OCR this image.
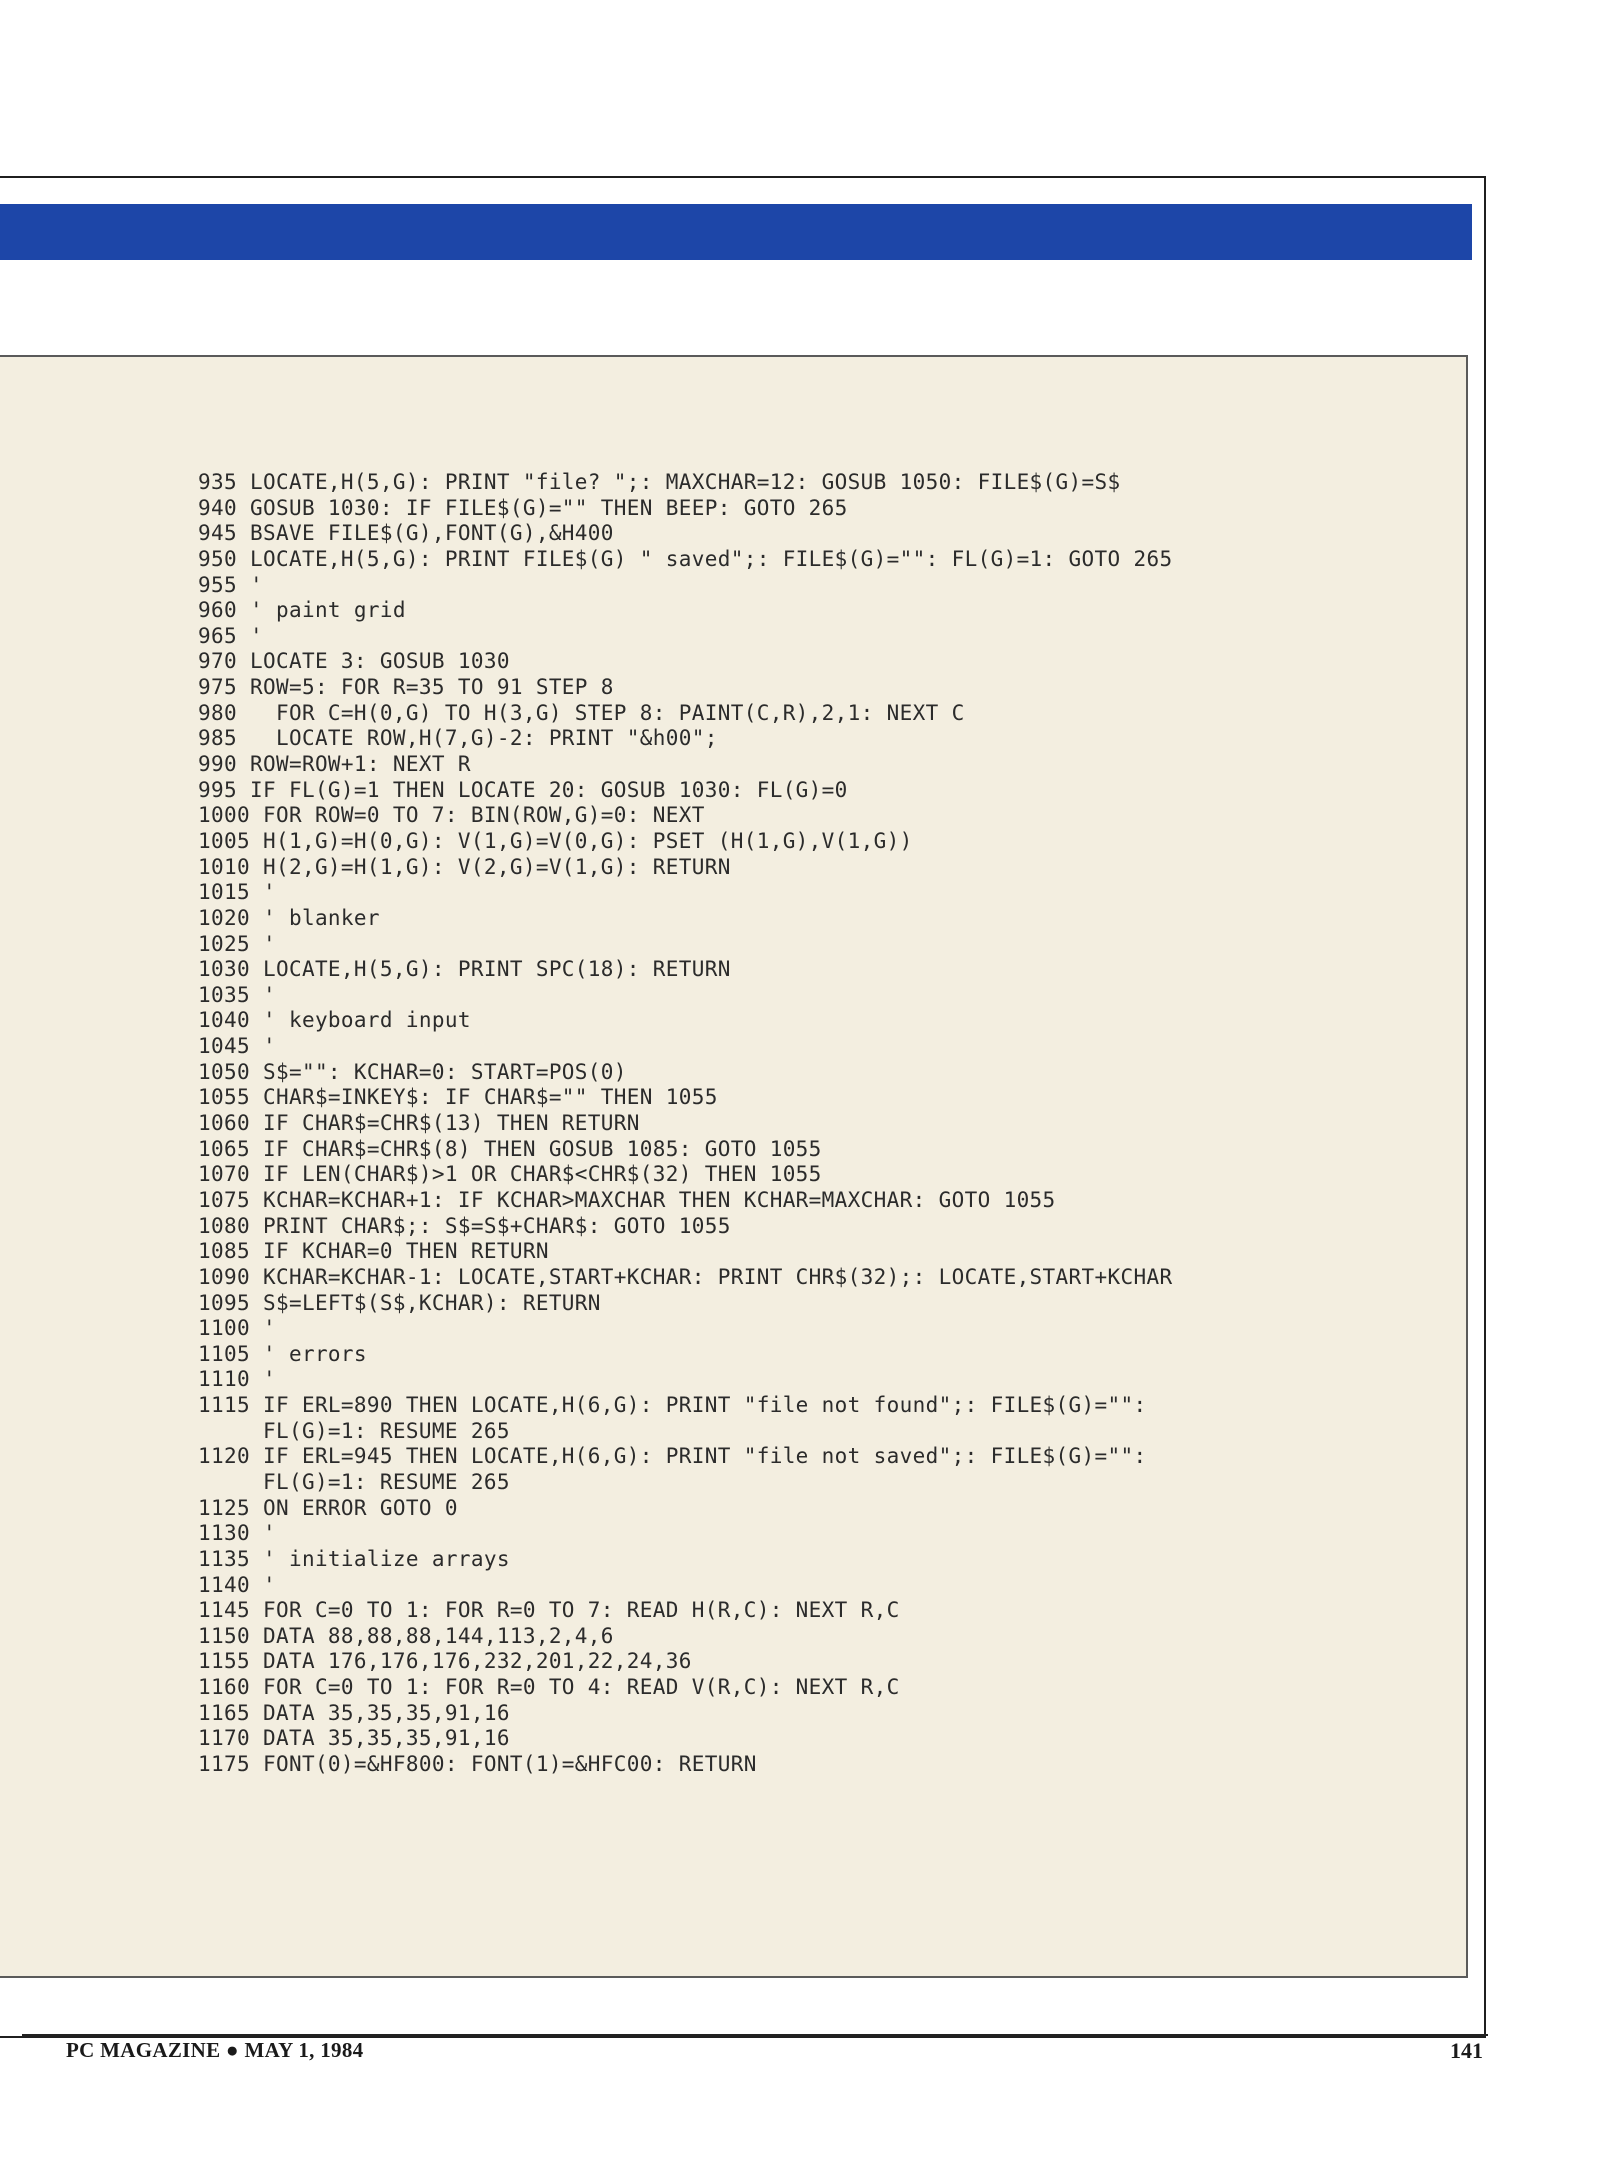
935 LOCATE,H(5,G): PRINT "file? ";: MAXCHAR=12: GOSUB 1050: FILE$(G)=S$
940 GOSUB 1030: IF FILE$(G)="" THEN BEEP: GOTO 265
945 BSAVE FILE$(G),FONT(G),&H400
950 LOCATE,H(5,G): PRINT FILE$(G) " saved";: FILE$(G)="": FL(G)=1: GOTO 265
955 '
960 ' paint grid
965 '
970 LOCATE 3: GOSUB 1030
975 ROW=5: FOR R=35 TO 91 STEP 8
980   FOR C=H(0,G) TO H(3,G) STEP 8: PAINT(C,R),2,1: NEXT C
985   LOCATE ROW,H(7,G)-2: PRINT "&h00";
990 ROW=ROW+1: NEXT R
995 IF FL(G)=1 THEN LOCATE 20: GOSUB 1030: FL(G)=0
1000 FOR ROW=0 TO 7: BIN(ROW,G)=0: NEXT
1005 H(1,G)=H(0,G): V(1,G)=V(0,G): PSET (H(1,G),V(1,G))
1010 H(2,G)=H(1,G): V(2,G)=V(1,G): RETURN
1015 '
1020 ' blanker
1025 '
1030 LOCATE,H(5,G): PRINT SPC(18): RETURN
1035 '
1040 ' keyboard input
1045 '
1050 S$="": KCHAR=0: START=POS(0)
1055 CHAR$=INKEY$: IF CHAR$="" THEN 1055
1060 IF CHAR$=CHR$(13) THEN RETURN
1065 IF CHAR$=CHR$(8) THEN GOSUB 1085: GOTO 1055
1070 IF LEN(CHAR$)>1 OR CHAR$<CHR$(32) THEN 1055
1075 KCHAR=KCHAR+1: IF KCHAR>MAXCHAR THEN KCHAR=MAXCHAR: GOTO 1055
1080 PRINT CHAR$;: S$=S$+CHAR$: GOTO 1055
1085 IF KCHAR=0 THEN RETURN
1090 KCHAR=KCHAR-1: LOCATE,START+KCHAR: PRINT CHR$(32);: LOCATE,START+KCHAR
1095 S$=LEFT$(S$,KCHAR): RETURN
1100 '
1105 ' errors
1110 '
1115 IF ERL=890 THEN LOCATE,H(6,G): PRINT "file not found";: FILE$(G)="":
FL(G)=1: RESUME 265
1120 IF ERL=945 THEN LOCATE,H(6,G): PRINT "file not saved";: FILE$(G)="":
FL(G)=1: RESUME 265
1125 ON ERROR GOTO 0
1130 '
1135 ' initialize arrays
1140 '
1145 FOR C=0 TO 1: FOR R=0 TO 7: READ H(R,C): NEXT R,C
1150 DATA 88,88,88,144,113,2,4,6
1155 DATA 176,176,176,232,201,22,24,36
1160 FOR C=0 TO 1: FOR R=0 TO 4: READ V(R,C): NEXT R,C
1165 DATA 35,35,35,91,16
1170 DATA 35,35,35,91,16
1175 FONT(0)=&HF800: FONT(1)=&HFC00: RETURN
PC MAGAZINE ● MAY 1, 1984	141
